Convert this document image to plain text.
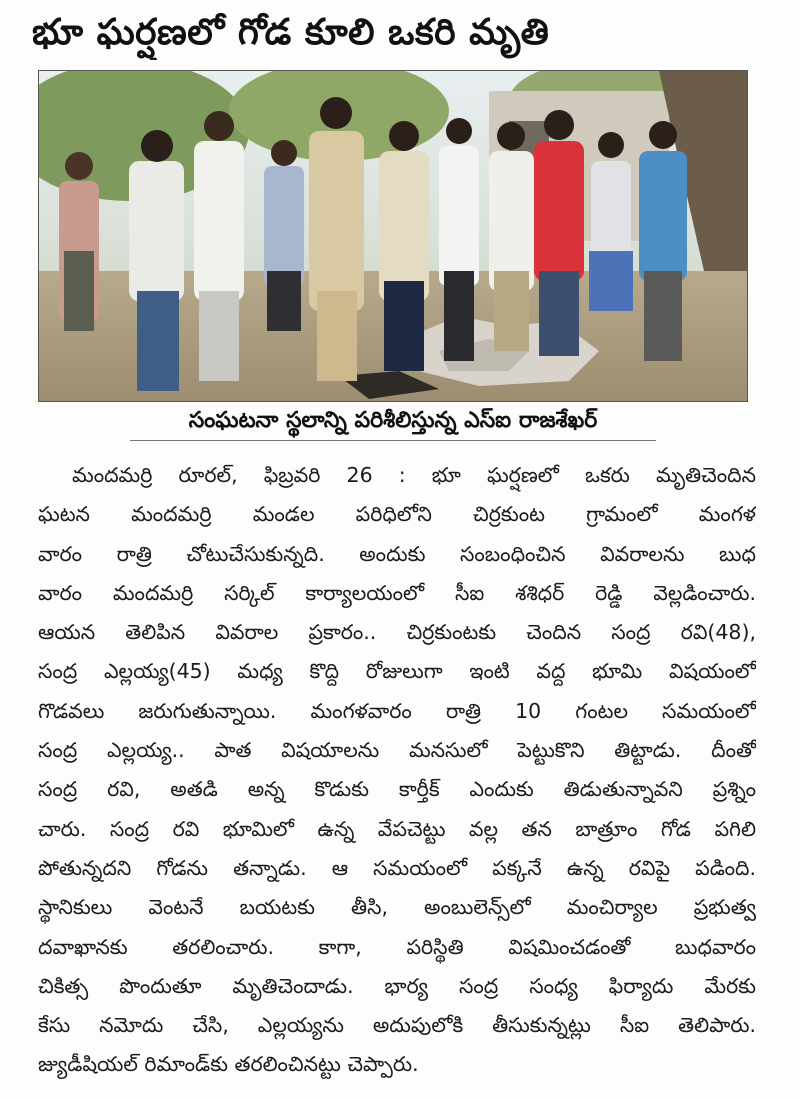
భూ ఘర్షణలో గోడ కూలి ఒకరి మృతి
సంఘటనా స్థలాన్ని పరిశీలిస్తున్న ఎస్ఐ రాజశేఖర్
మందమర్రి రూరల్, ఫిబ్రవరి 26 : భూ ఘర్షణలో ఒకరు మృతిచెందిన
ఘటన మందమర్రి మండల పరిధిలోని చిర్రకుంట గ్రామంలో మంగళ
వారం రాత్రి చోటుచేసుకున్నది. అందుకు సంబంధించిన వివరాలను బుధ
వారం మందమర్రి సర్కిల్ కార్యాలయంలో సీఐ శశిధర్ రెడ్డి వెల్లడించారు.
ఆయన తెలిపిన వివరాల ప్రకారం.. చిర్రకుంటకు చెందిన సంద్ర రవి(48),
సంద్ర ఎల్లయ్య(45) మధ్య కొద్ది రోజులుగా ఇంటి వద్ద భూమి విషయంలో
గొడవలు జరుగుతున్నాయి. మంగళవారం రాత్రి 10 గంటల సమయంలో
సంద్ర ఎల్లయ్య.. పాత విషయాలను మనసులో పెట్టుకొని తిట్టాడు. దీంతో
సంద్ర రవి, అతడి అన్న కొడుకు కార్తీక్ ఎందుకు తిడుతున్నావని ప్రశ్నిం
చారు. సంద్ర రవి భూమిలో ఉన్న వేపచెట్టు వల్ల తన బాత్రూం గోడ పగిలి
పోతున్నదని గోడను తన్నాడు. ఆ సమయంలో పక్కనే ఉన్న రవిపై పడింది.
స్థానికులు వెంటనే బయటకు తీసి, అంబులెన్స్‌లో మంచిర్యాల ప్రభుత్వ
దవాఖానకు తరలించారు. కాగా, పరిస్థితి విషమించడంతో బుధవారం
చికిత్స పొందుతూ మృతిచెందాడు. భార్య సంద్ర సంధ్య ఫిర్యాదు మేరకు
కేసు నమోదు చేసి, ఎల్లయ్యను అదుపులోకి తీసుకున్నట్లు సీఐ తెలిపారు.
జ్యుడీషియల్ రిమాండ్‌కు తరలించినట్టు చెప్పారు.
